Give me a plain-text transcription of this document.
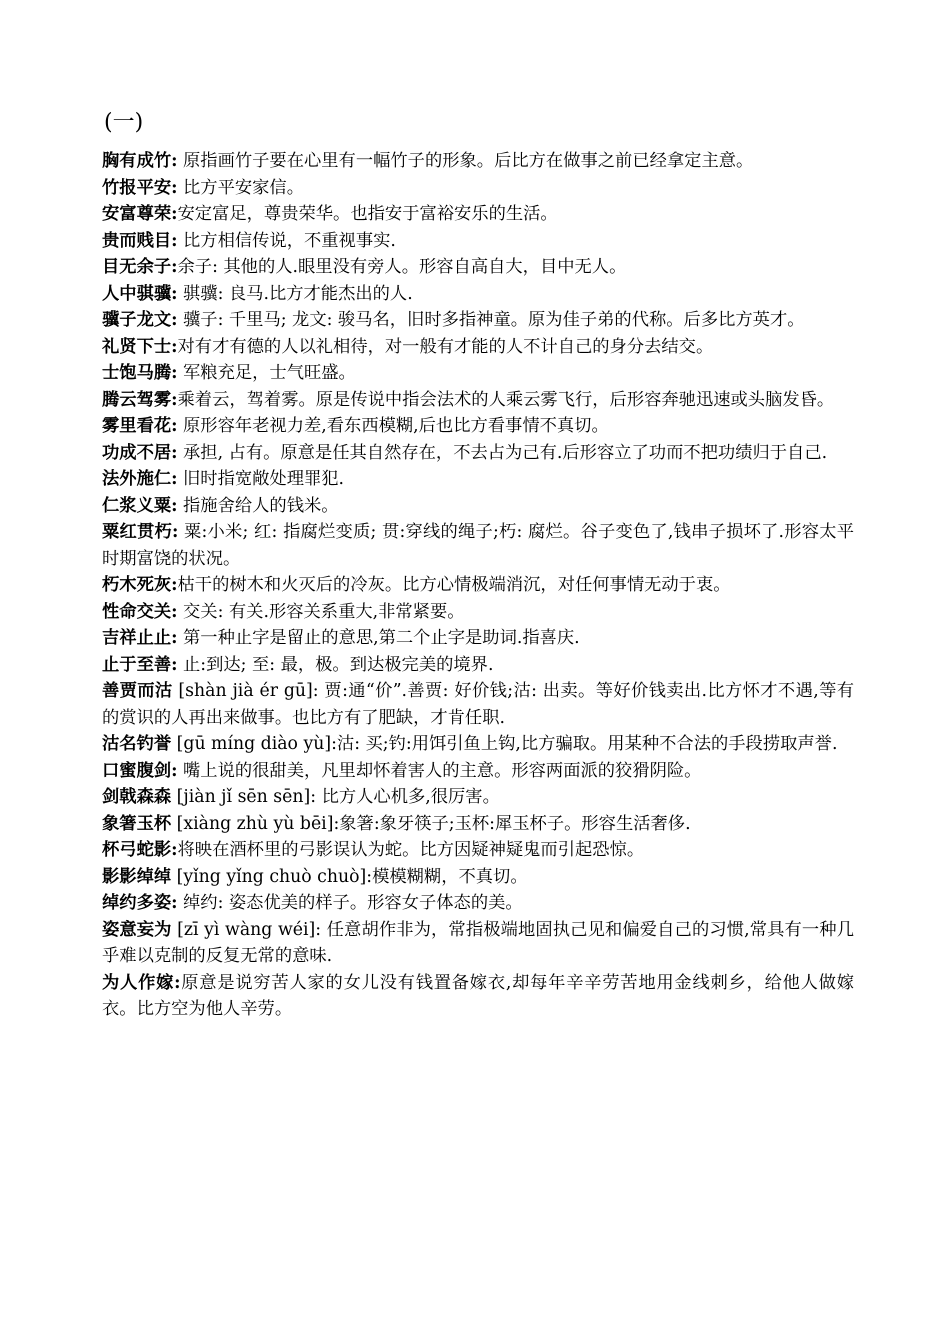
(一)

胸有成竹: 原指画竹子要在心里有一幅竹子的形象。后比方在做事之前已经拿定主意。

竹报平安: 比方平安家信。

安富尊荣:安定富足，尊贵荣华。也指安于富裕安乐的生活。

贵而贱目: 比方相信传说，不重视事实.

目无余子:余子: 其他的人.眼里没有旁人。形容自高自大，目中无人。

人中骐骥: 骐骥: 良马.比方才能杰出的人.

骥子龙文: 骥子: 千里马; 龙文: 骏马名，旧时多指神童。原为佳子弟的代称。后多比方英才。

礼贤下士:对有才有德的人以礼相待，对一般有才能的人不计自己的身分去结交。

士饱马腾: 军粮充足，士气旺盛。

腾云驾雾:乘着云，驾着雾。原是传说中指会法术的人乘云雾飞行，后形容奔驰迅速或头脑发昏。

雾里看花: 原形容年老视力差,看东西模糊,后也比方看事情不真切。

功成不居: 承担, 占有。原意是任其自然存在，不去占为己有.后形容立了功而不把功绩归于自己.

法外施仁: 旧时指宽敞处理罪犯.

仁浆义粟: 指施舍给人的钱米。

粟红贯朽: 粟:小米; 红: 指腐烂变质; 贯:穿线的绳子;朽: 腐烂。谷子变色了,钱串子损坏了.形容太平时期富饶的状况。

朽木死灰:枯干的树木和火灭后的冷灰。比方心情极端消沉，对任何事情无动于衷。

性命交关: 交关: 有关.形容关系重大,非常紧要。

吉祥止止: 第一种止字是留止的意思,第二个止字是助词.指喜庆.

止于至善: 止:到达; 至: 最，极。到达极完美的境界.

善贾而沽 [shàn jià ér gū]: 贾:通“价”.善贾: 好价钱;沽: 出卖。等好价钱卖出.比方怀才不遇,等有的赏识的人再出来做事。也比方有了肥缺，才肯任职.

沽名钓誉 [gū míng diào yù]:沽: 买;钓:用饵引鱼上钩,比方骗取。用某种不合法的手段捞取声誉.

口蜜腹剑: 嘴上说的很甜美，凡里却怀着害人的主意。形容两面派的狡猾阴险。

剑戟森森 [jiàn jǐ sēn sēn]: 比方人心机多,很厉害。

象箸玉杯 [xiàng zhù yù bēi]:象箸:象牙筷子;玉杯:犀玉杯子。形容生活奢侈.

杯弓蛇影:将映在酒杯里的弓影误认为蛇。比方因疑神疑鬼而引起恐惊。

影影绰绰 [yǐng yǐng chuò chuò]:模模糊糊，不真切。

绰约多姿: 绰约: 姿态优美的样子。形容女子体态的美。

姿意妄为 [zī yì wàng wéi]: 任意胡作非为，常指极端地固执己见和偏爱自己的习惯,常具有一种几乎难以克制的反复无常的意味.

为人作嫁:原意是说穷苦人家的女儿没有钱置备嫁衣,却每年辛辛劳苦地用金线刺乡，给他人做嫁衣。比方空为他人辛劳。
